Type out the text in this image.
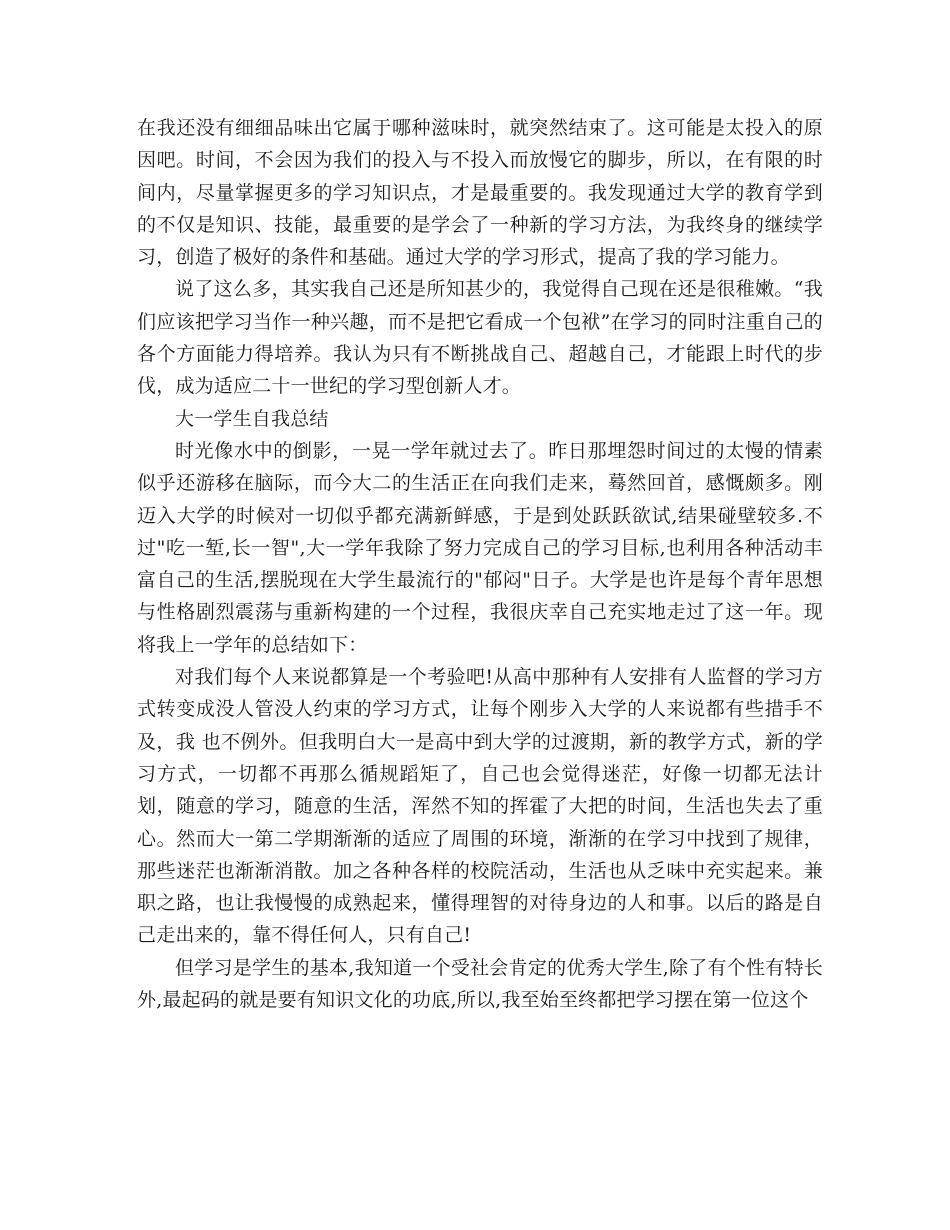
在我还没有细细品味出它属于哪种滋味时，就突然结束了。这可能是太投入的原因吧。时间，不会因为我们的投入与不投入而放慢它的脚步，所以，在有限的时间内，尽量掌握更多的学习知识点，才是最重要的。我发现通过大学的教育学到的不仅是知识、技能，最重要的是学会了一种新的学习方法，为我终身的继续学习，创造了极好的条件和基础。通过大学的学习形式，提高了我的学习能力。

说了这么多，其实我自己还是所知甚少的，我觉得自己现在还是很稚嫩。“我们应该把学习当作一种兴趣，而不是把它看成一个包袱”在学习的同时注重自己的各个方面能力得培养。我认为只有不断挑战自己、超越自己，才能跟上时代的步伐，成为适应二十一世纪的学习型创新人才。

大一学生自我总结

时光像水中的倒影，一晃一学年就过去了。昨日那埋怨时间过的太慢的情素似乎还游移在脑际，而今大二的生活正在向我们走来，蓦然回首，感慨颇多。刚迈入大学的时候对一切似乎都充满新鲜感，于是到处跃跃欲试,结果碰壁较多.不过"吃一堑,长一智",大一学年我除了努力完成自己的学习目标,也利用各种活动丰富自己的生活,摆脱现在大学生最流行的"郁闷"日子。大学是也许是每个青年思想与性格剧烈震荡与重新构建的一个过程，我很庆幸自己充实地走过了这一年。现将我上一学年的总结如下：

对我们每个人来说都算是一个考验吧!从高中那种有人安排有人监督的学习方式转变成没人管没人约束的学习方式，让每个刚步入大学的人来说都有些措手不及，我 也不例外。但我明白大一是高中到大学的过渡期，新的教学方式，新的学习方式，一切都不再那么循规蹈矩了，自己也会觉得迷茫，好像一切都无法计划，随意的学习，随意的生活，浑然不知的挥霍了大把的时间，生活也失去了重心。然而大一第二学期渐渐的适应了周围的环境，渐渐的在学习中找到了规律，那些迷茫也渐渐消散。加之各种各样的校院活动，生活也从乏味中充实起来。兼职之路，也让我慢慢的成熟起来，懂得理智的对待身边的人和事。以后的路是自己走出来的，靠不得任何人，只有自己!

但学习是学生的基本,我知道一个受社会肯定的优秀大学生,除了有个性有特长外,最起码的就是要有知识文化的功底,所以,我至始至终都把学习摆在第一位这个
